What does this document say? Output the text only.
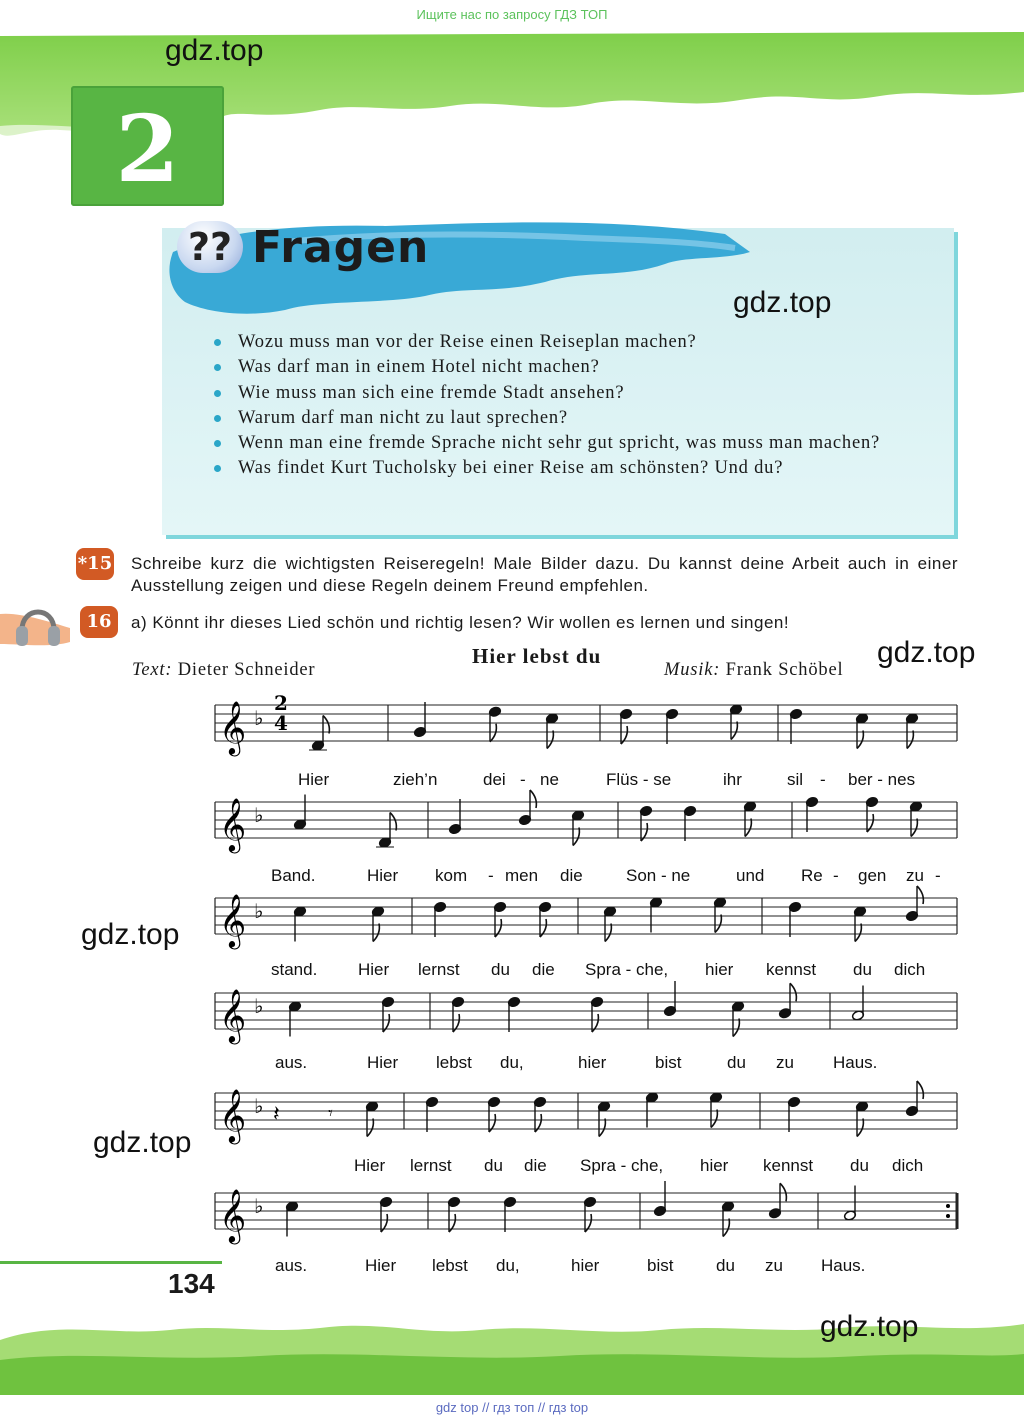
Ищите нас по запросу ГДЗ ТОП
gdz.top
2
?? Fragen
gdz.top
Wozu muss man vor der Reise einen Reiseplan machen?
Was darf man in einem Hotel nicht machen?
Wie muss man sich eine fremde Stadt ansehen?
Warum darf man nicht zu laut sprechen?
Wenn man eine fremde Sprache nicht sehr gut spricht, was muss man machen?
Was findet Kurt Tucholsky bei einer Reise am schönsten? Und du?
*15 Schreibe kurz die wichtigsten Reiseregeln! Male Bilder dazu. Du kannst deine Arbeit auch in einer Ausstellung zeigen und diese Regeln deinem Freund empfehlen.
16	a) Könnt ihr dieses Lied schön und richtig lesen? Wir wollen es lernen und singen!
Hier lebst du
Text: Dieter Schneider	Musik: Frank Schöbel
gdz.top
𝄞 ♭
𝄞 ♭
𝄞 ♭
𝄞 ♭
𝄞 ♭
𝄞 ♭
𝄽	𝄾
2
4
gdz.top
gdz.top
Hier	zieh’n	dei - ne	Flüs - se	ihr	sil - ber - nes
Band.	Hier kom - men die	Son - ne	und Re - gen zu -
stand. Hier lernst du die Spra - che, hier kennst du dich
aus.	Hier lebst du,	hier	bist	du zu Haus.
Hier lernst du die Spra - che, hier kennst du dich
aus.	Hier lebst du,	hier	bist	du zu Haus.
134
gdz.top
gdz top // гдз топ // гдз top
